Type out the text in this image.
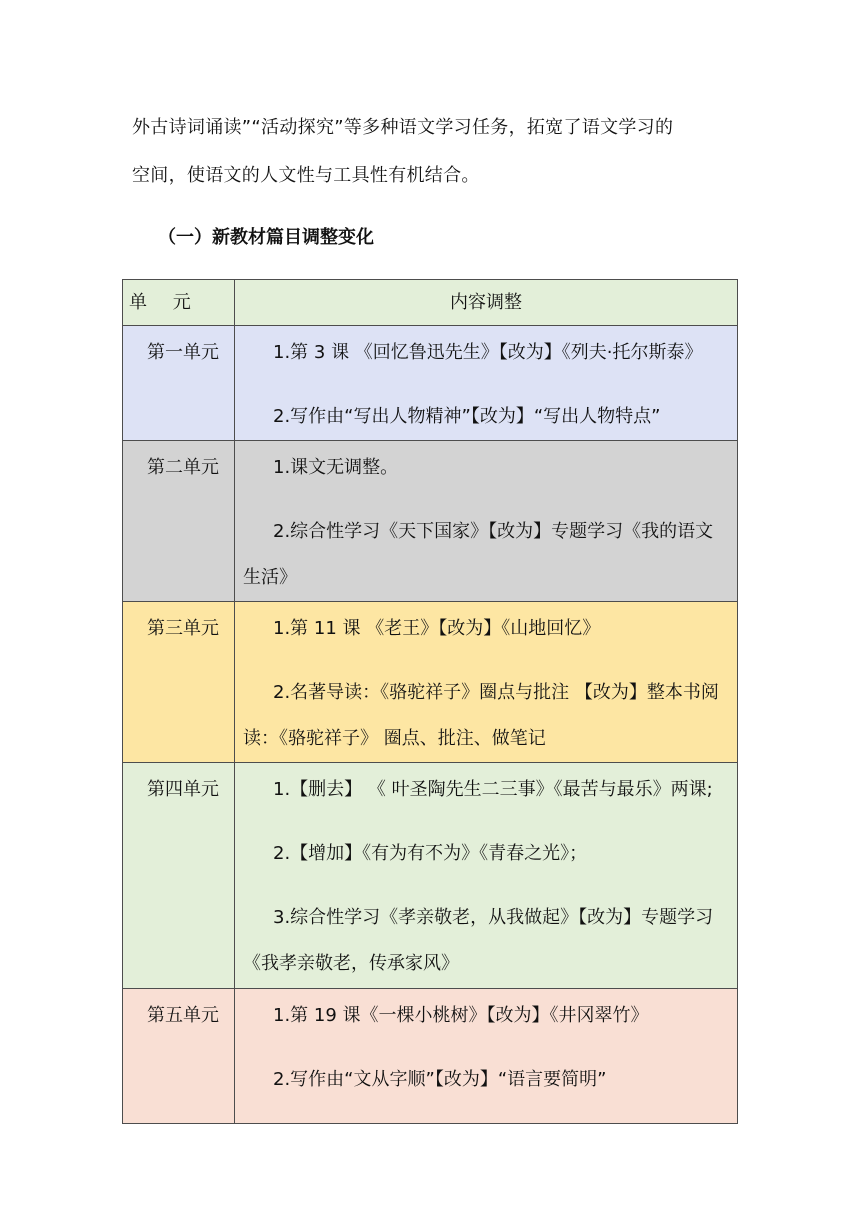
外古诗词诵读”“活动探究”等多种语文学习任务，拓宽了语文学习的
空间，使语文的人文性与工具性有机结合。
（一）新教材篇目调整变化
单 元	内容调整

第一单元	1.第 3 课 《回忆鲁迅先生》【改为】《列夫·托尔斯泰》
2.写作由“写出人物精神”【改为】“写出人物特点”

第二单元	1.课文无调整。
2.综合性学习《天下国家》【改为】专题学习《我的语文生活》

第三单元	1.第 11 课 《老王》【改为】《山地回忆》
2.名著导读：《骆驼祥子》圈点与批注 【改为】整本书阅读：《骆驼祥子》 圈点、批注、做笔记

第四单元	1.【删去】 《 叶圣陶先生二三事》《最苦与最乐》两课;
2.【增加】《有为有不为》《青春之光》；
3.综合性学习《孝亲敬老，从我做起》【改为】专题学习《我孝亲敬老，传承家风》

第五单元	1.第 19 课《一棵小桃树》【改为】《井冈翠竹》
2.写作由“文从字顺”【改为】“语言要简明”
